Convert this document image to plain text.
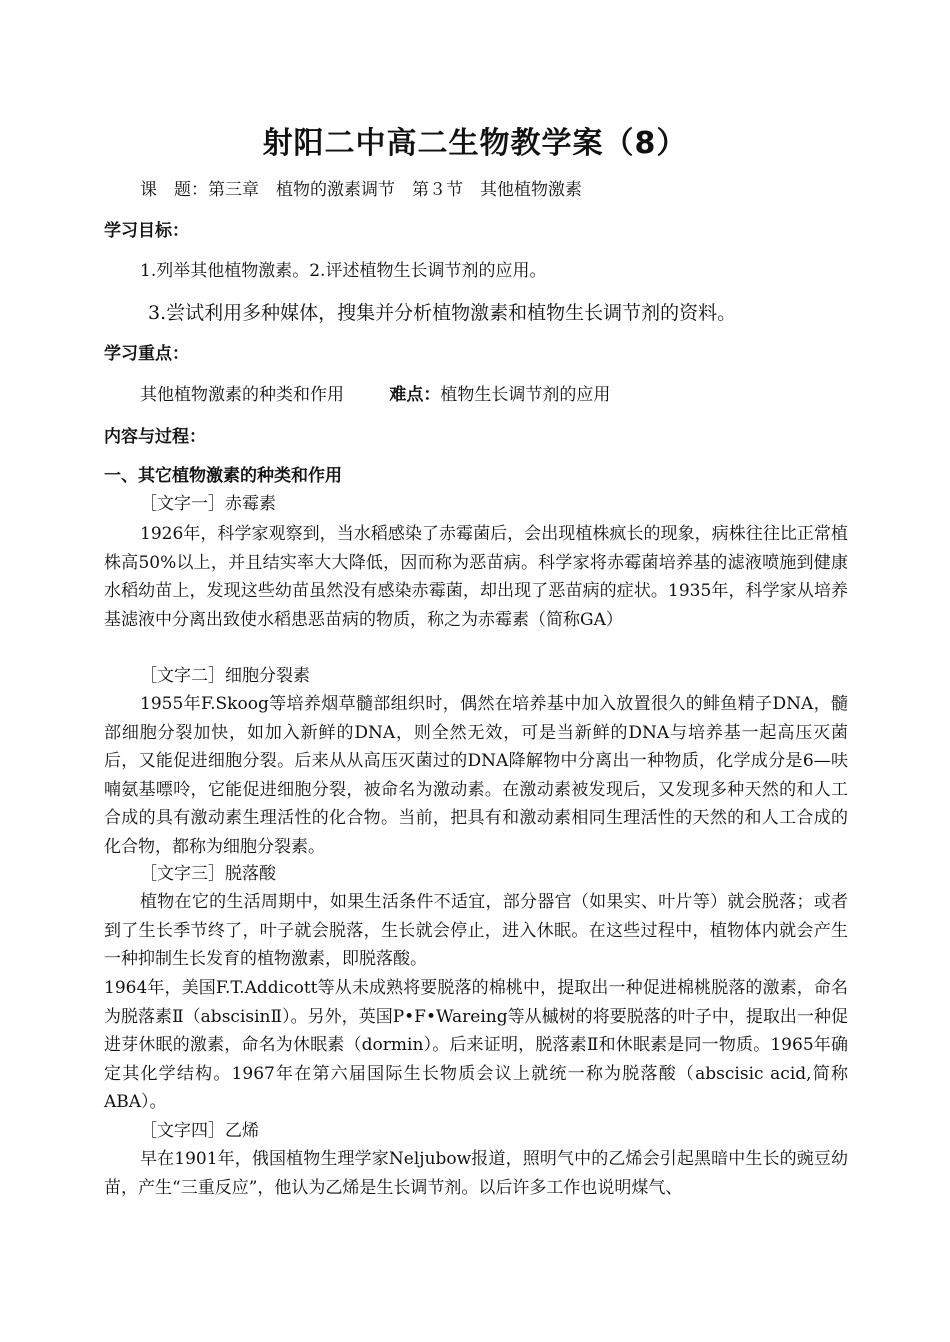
射阳二中高二生物教学案（8）
课　题：第三章　植物的激素调节　第３节　其他植物激素
学习目标：
1.列举其他植物激素。2.评述植物生长调节剂的应用。
3.尝试利用多种媒体，搜集并分析植物激素和植物生长调节剂的资料。
学习重点：
其他植物激素的种类和作用	难点：植物生长调节剂的应用
内容与过程：
一、其它植物激素的种类和作用
［文字一］赤霉素
1926年，科学家观察到，当水稻感染了赤霉菌后，会出现植株疯长的现象，病株往往比正常植株高50%以上，并且结实率大大降低，因而称为恶苗病。科学家将赤霉菌培养基的滤液喷施到健康水稻幼苗上，发现这些幼苗虽然没有感染赤霉菌，却出现了恶苗病的症状。1935年，科学家从培养基滤液中分离出致使水稻患恶苗病的物质，称之为赤霉素（简称GA）
［文字二］细胞分裂素
1955年F.Skoog等培养烟草髓部组织时，偶然在培养基中加入放置很久的鲱鱼精子DNA，髓部细胞分裂加快，如加入新鲜的DNA，则全然无效，可是当新鲜的DNA与培养基一起高压灭菌后，又能促进细胞分裂。后来从从高压灭菌过的DNA降解物中分离出一种物质，化学成分是6—呋喃氨基嘌呤，它能促进细胞分裂，被命名为激动素。在激动素被发现后，又发现多种天然的和人工合成的具有激动素生理活性的化合物。当前，把具有和激动素相同生理活性的天然的和人工合成的化合物，都称为细胞分裂素。
［文字三］脱落酸
植物在它的生活周期中，如果生活条件不适宜，部分器官（如果实、叶片等）就会脱落；或者到了生长季节终了，叶子就会脱落，生长就会停止，进入休眠。在这些过程中，植物体内就会产生一种抑制生长发育的植物激素，即脱落酸。
1964年，美国F.T.Addicott等从未成熟将要脱落的棉桃中，提取出一种促进棉桃脱落的激素，命名为脱落素Ⅱ（abscisinⅡ）。另外，英国P•F•Wareing等从槭树的将要脱落的叶子中，提取出一种促进芽休眠的激素，命名为休眠素（dormin）。后来证明，脱落素Ⅱ和休眠素是同一物质。1965年确定其化学结构。1967年在第六届国际生长物质会议上就统一称为脱落酸（abscisic acid,简称 ABA）。
［文字四］乙烯
早在1901年，俄国植物生理学家Neljubow报道，照明气中的乙烯会引起黑暗中生长的豌豆幼苗，产生“三重反应”，他认为乙烯是生长调节剂。以后许多工作也说明煤气、
